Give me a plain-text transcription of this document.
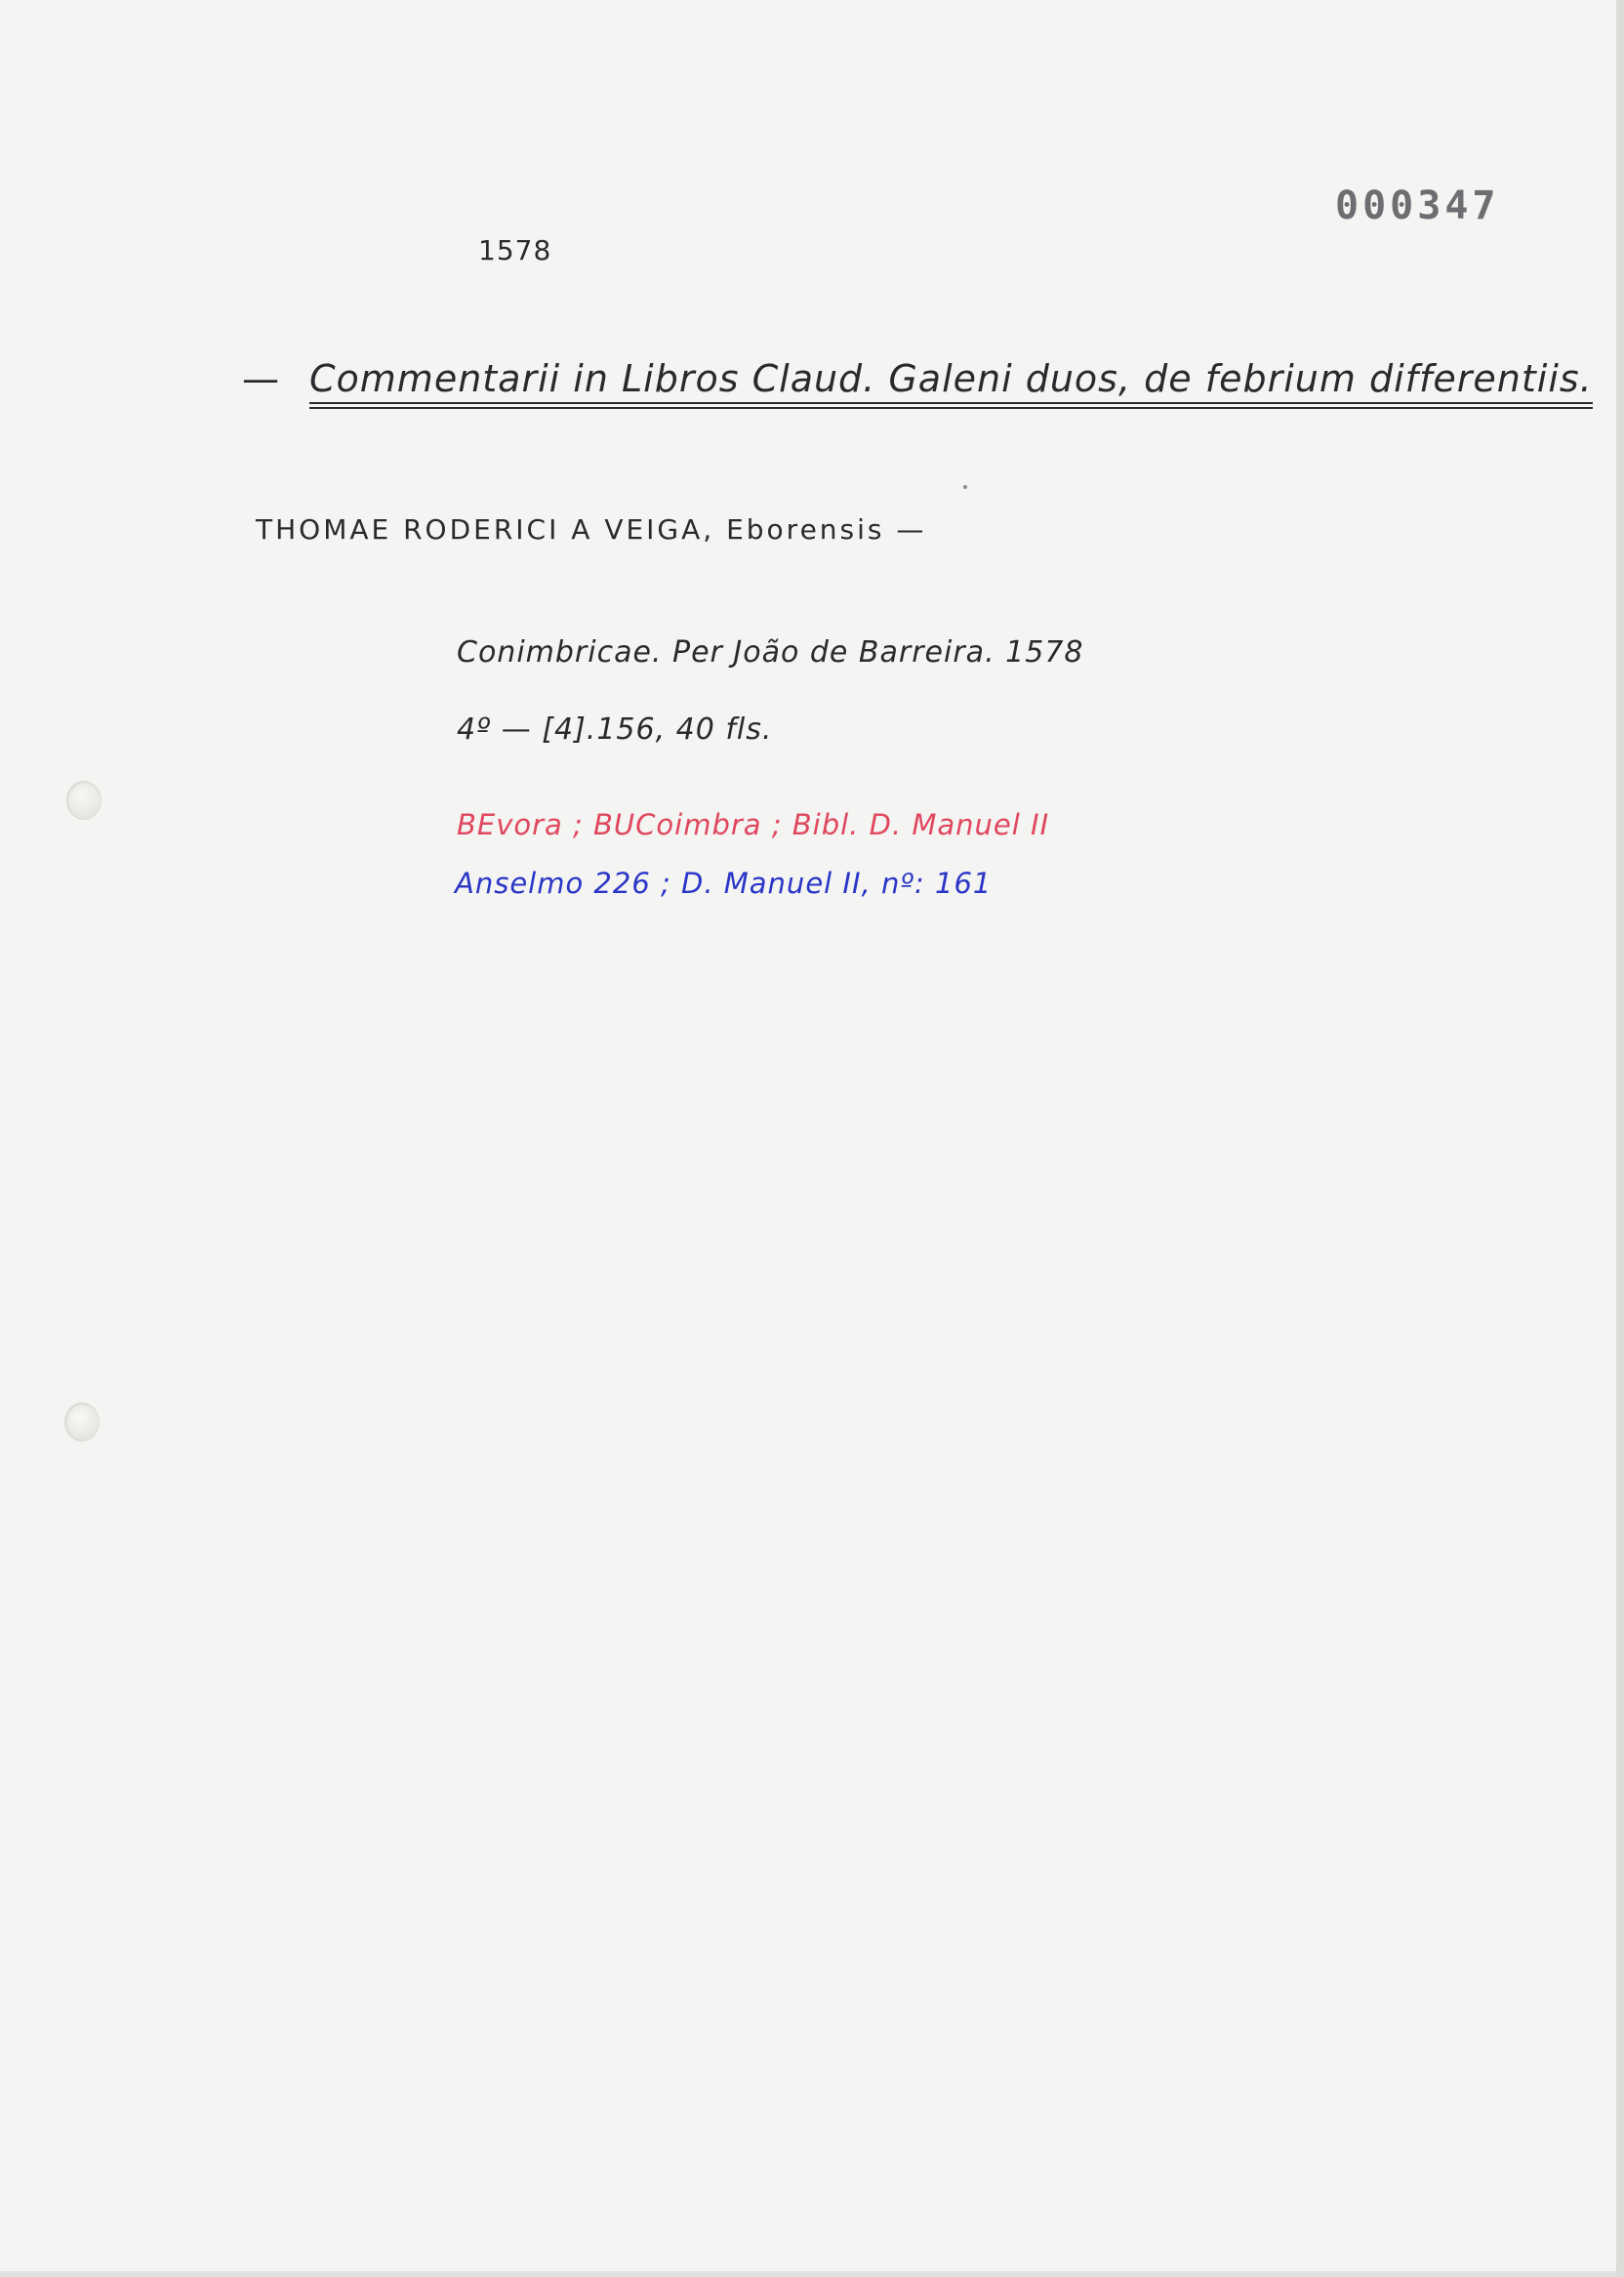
000347
1578
— Commentarii in Libros Claud. Galeni duos, de febrium differentiis.
THOMAE RODERICI A VEIGA, Eborensis —
Conimbricae. Per João de Barreira. 1578
4º — [4].156, 40 fls.
BEvora ; BUCoimbra ; Bibl. D. Manuel II
Anselmo 226 ; D. Manuel II, nº: 161
